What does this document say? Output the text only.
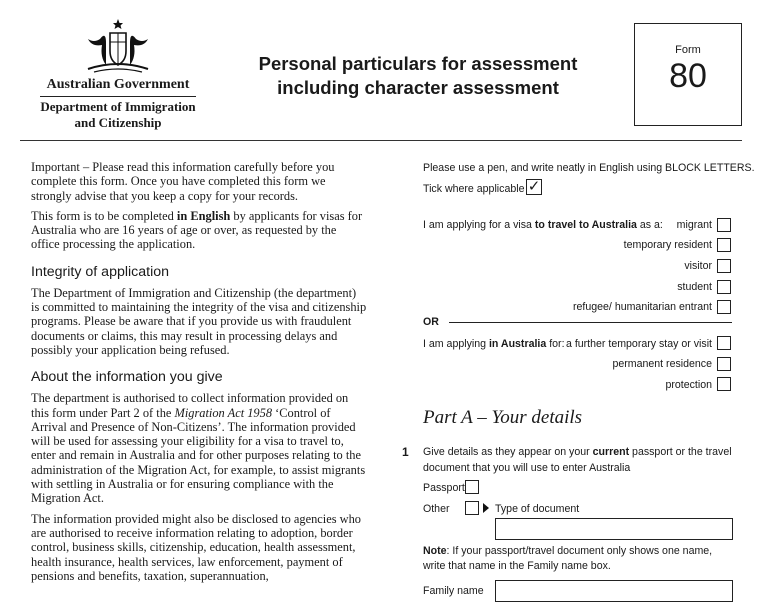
Australian Government
Department of Immigration
and Citizenship
Personal particulars for assessment
including character assessment
Form
80

Important – Please read this information carefully before you complete this form. Once you have completed this form we strongly advise that you keep a copy for your records.

This form is to be completed in English by applicants for visas for Australia who are 16 years of age or over, as requested by the office processing the application.

Integrity of application

The Department of Immigration and Citizenship (the department) is committed to maintaining the integrity of the visa and citizenship programs. Please be aware that if you provide us with fraudulent documents or claims, this may result in processing delays and possibly your application being refused.

About the information you give

The department is authorised to collect information provided on this form under Part 2 of the Migration Act 1958 ‘Control of Arrival and Presence of Non-Citizens’. The information provided will be used for assessing your eligibility for a visa to travel to, enter and remain in Australia and for other purposes relating to the administration of the Migration Act, for example, to assist migrants with settling in Australia or for ensuring compliance with the Migration Act.

The information provided might also be disclosed to agencies who are authorised to receive information relating to adoption, border control, business skills, citizenship, education, health assessment, health insurance, health services, law enforcement, payment of pensions and benefits, taxation, superannuation,

Please use a pen, and write neatly in English using BLOCK LETTERS.
Tick where applicable ✓
I am applying for a visa to travel to Australia as a:	migrant
temporary resident
visitor
student
refugee/ humanitarian entrant
OR
I am applying in Australia for: a further temporary stay or visit
permanent residence
protection
Part A – Your details
1 Give details as they appear on your current passport or the travel
document that you will use to enter Australia
Passport
Other	Type of document
Note: If your passport/travel document only shows one name,
write that name in the Family name box.
Family name
